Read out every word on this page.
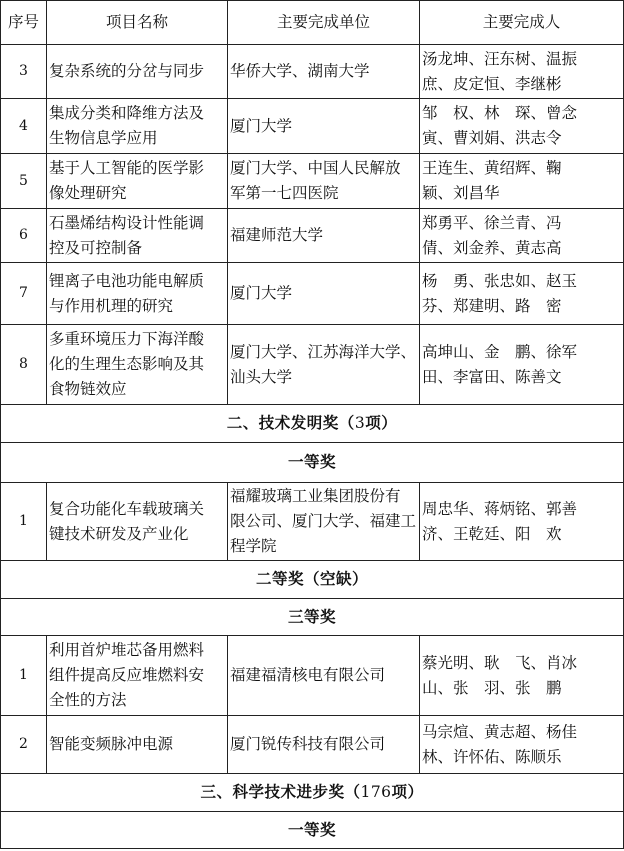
序号	项目名称	主要完成单位	主要完成人
3	复杂系统的分岔与同步	华侨大学、湖南大学	汤龙坤、汪东树、温振
庶、皮定恒、李继彬

4	集成分类和降维方法及
生物信息学应用	厦门大学	邹　权、林　琛、曾念
寅、曹刘娟、洪志令

5	基于人工智能的医学影
像处理研究	厦门大学、中国人民解放
军第一七四医院	王连生、黄绍辉、鞠
颖、刘昌华

6	石墨烯结构设计性能调
控及可控制备	福建师范大学	郑勇平、徐兰青、冯
倩、刘金养、黄志高

7	锂离子电池功能电解质
与作用机理的研究	厦门大学	杨　勇、张忠如、赵玉
芬、郑建明、路　密

8	多重环境压力下海洋酸
化的生理生态影响及其
食物链效应	厦门大学、江苏海洋大学、
汕头大学	高坤山、金　鹏、徐军
田、李富田、陈善文

二、技术发明奖（3项）			
一等奖			
1	复合功能化车载玻璃关
键技术研发及产业化	福耀玻璃工业集团股份有
限公司、厦门大学、福建工
程学院	周忠华、蒋炳铭、郭善
济、王乾廷、阳　欢

二等奖（空缺）			
三等奖			
1	利用首炉堆芯备用燃料
组件提高反应堆燃料安
全性的方法	福建福清核电有限公司	蔡光明、耿　飞、肖冰
山、张　羽、张　鹏

2	智能变频脉冲电源	厦门锐传科技有限公司	马宗煊、黄志超、杨佳
林、许怀佑、陈顺乐

三、科学技术进步奖（176项）			
一等奖			
